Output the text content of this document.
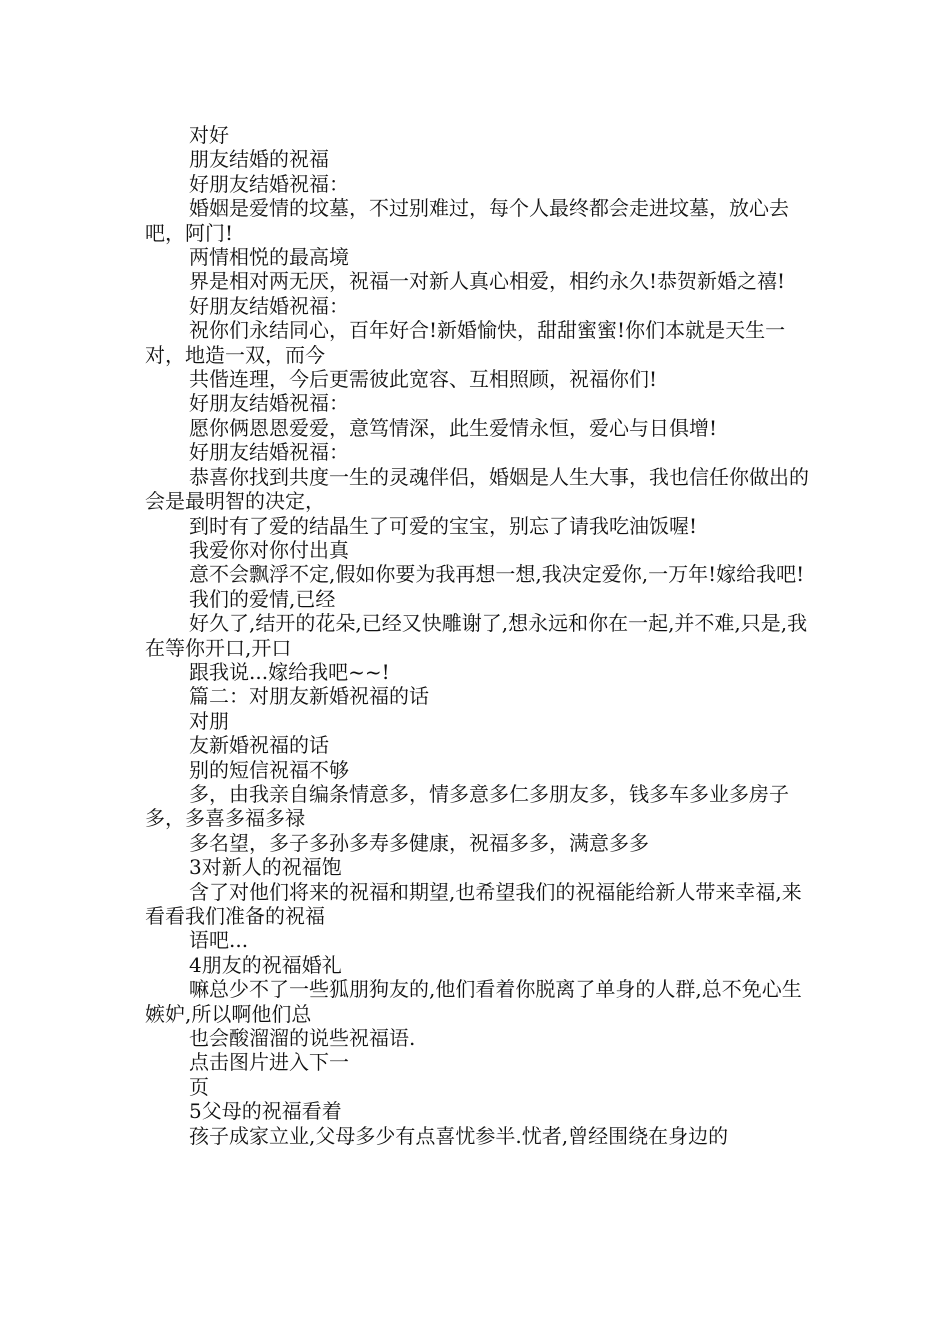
对好

朋友结婚的祝福

好朋友结婚祝福：

婚姻是爱情的坟墓，不过别难过，每个人最终都会走进坟墓，放心去吧，阿门!

两情相悦的最高境

界是相对两无厌，祝福一对新人真心相爱，相约永久!恭贺新婚之禧!

好朋友结婚祝福：

祝你们永结同心，百年好合!新婚愉快，甜甜蜜蜜!你们本就是天生一对，地造一双，而今

共偕连理，今后更需彼此宽容、互相照顾，祝福你们!

好朋友结婚祝福：

愿你俩恩恩爱爱，意笃情深，此生爱情永恒，爱心与日俱增!

好朋友结婚祝福：

恭喜你找到共度一生的灵魂伴侣，婚姻是人生大事，我也信任你做出的会是最明智的决定，

到时有了爱的结晶生了可爱的宝宝，别忘了请我吃油饭喔!

我爱你对你付出真

意不会飘浮不定,假如你要为我再想一想,我决定爱你,一万年!嫁给我吧!

我们的爱情,已经

好久了,结开的花朵,已经又快雕谢了,想永远和你在一起,并不难,只是,我在等你开口,开口

跟我说...嫁给我吧~~!

篇二：对朋友新婚祝福的话

对朋

友新婚祝福的话

别的短信祝福不够

多，由我亲自编条情意多，情多意多仁多朋友多，钱多车多业多房子多，多喜多福多禄

多名望，多子多孙多寿多健康，祝福多多，满意多多

3对新人的祝福饱

含了对他们将来的祝福和期望,也希望我们的祝福能给新人带来幸福,来看看我们准备的祝福

语吧...

4朋友的祝福婚礼

嘛总少不了一些狐朋狗友的,他们看着你脱离了单身的人群,总不免心生嫉妒,所以啊他们总

也会酸溜溜的说些祝福语.

点击图片进入下一

页

5父母的祝福看着

孩子成家立业,父母多少有点喜忧参半.忧者,曾经围绕在身边的
